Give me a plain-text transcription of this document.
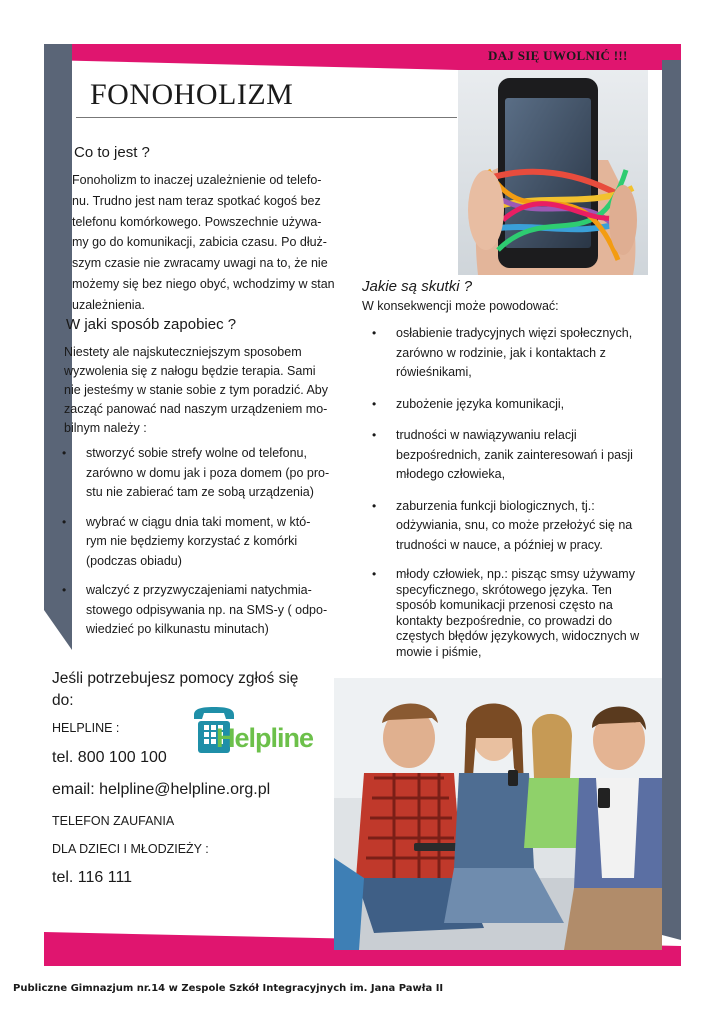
DAJ SIĘ UWOLNIĆ !!!
FONOHOLIZM
Co to jest ?

Fonoholizm to inaczej uzależnienie od telefo-

nu. Trudno jest nam teraz spotkać kogoś bez

telefonu komórkowego. Powszechnie używa-

my go do komunikacji, zabicia czasu. Po dłuż-

szym czasie nie zwracamy uwagi na to, że nie

możemy się bez niego obyć, wchodzimy w stan

uzależnienia.

W jaki sposób zapobiec ?

Niestety ale najskuteczniejszym sposobem

wyzwolenia się z nałogu będzie terapia. Sami

nie jesteśmy w stanie sobie z tym poradzić. Aby

zacząć panować nad naszym urządzeniem mo-

bilnym należy :

• stworzyć sobie strefy wolne od telefonu,
zarówno w domu jak i poza domem (po pro-
stu nie zabierać tam ze sobą urządzenia)
• wybrać w ciągu dnia taki moment, w któ-
rym nie będziemy korzystać z komórki
(podczas obiadu)
• walczyć z przyzwyczajeniami natychmia-
stowego odpisywania np. na SMS-y ( odpo-
wiedzieć po kilkunastu minutach)
Jakie są skutki ?
W konsekwencji może powodować:
• osłabienie tradycyjnych więzi społecznych,
zarówno w rodzinie, jak i kontaktach z
rówieśnikami,
• zubożenie języka komunikacji,
• trudności w nawiązywaniu relacji
bezpośrednich, zanik zainteresowań i pasji
młodego człowieka,
• zaburzenia funkcji biologicznych, tj.:
odżywiania, snu, co może przełożyć się na
trudności w nauce, a później w pracy.
• młody człowiek, np.: pisząc smsy używamy
specyficznego, skrótowego języka. Ten
sposób komunikacji przenosi często na
kontakty bezpośrednie, co prowadzi do
częstych błędów językowych, widocznych w
mowie i piśmie,
Jeśli potrzebujesz pomocy zgłoś się
do:
HELPLINE :
tel. 800 100 100
email: helpline@helpline.org.pl
TELEFON ZAUFANIA
DLA DZIECI I MŁODZIEŻY :
tel. 116 111
Helpline
Publiczne Gimnazjum nr.14 w Zespole Szkół Integracyjnych im. Jana Pawła II
